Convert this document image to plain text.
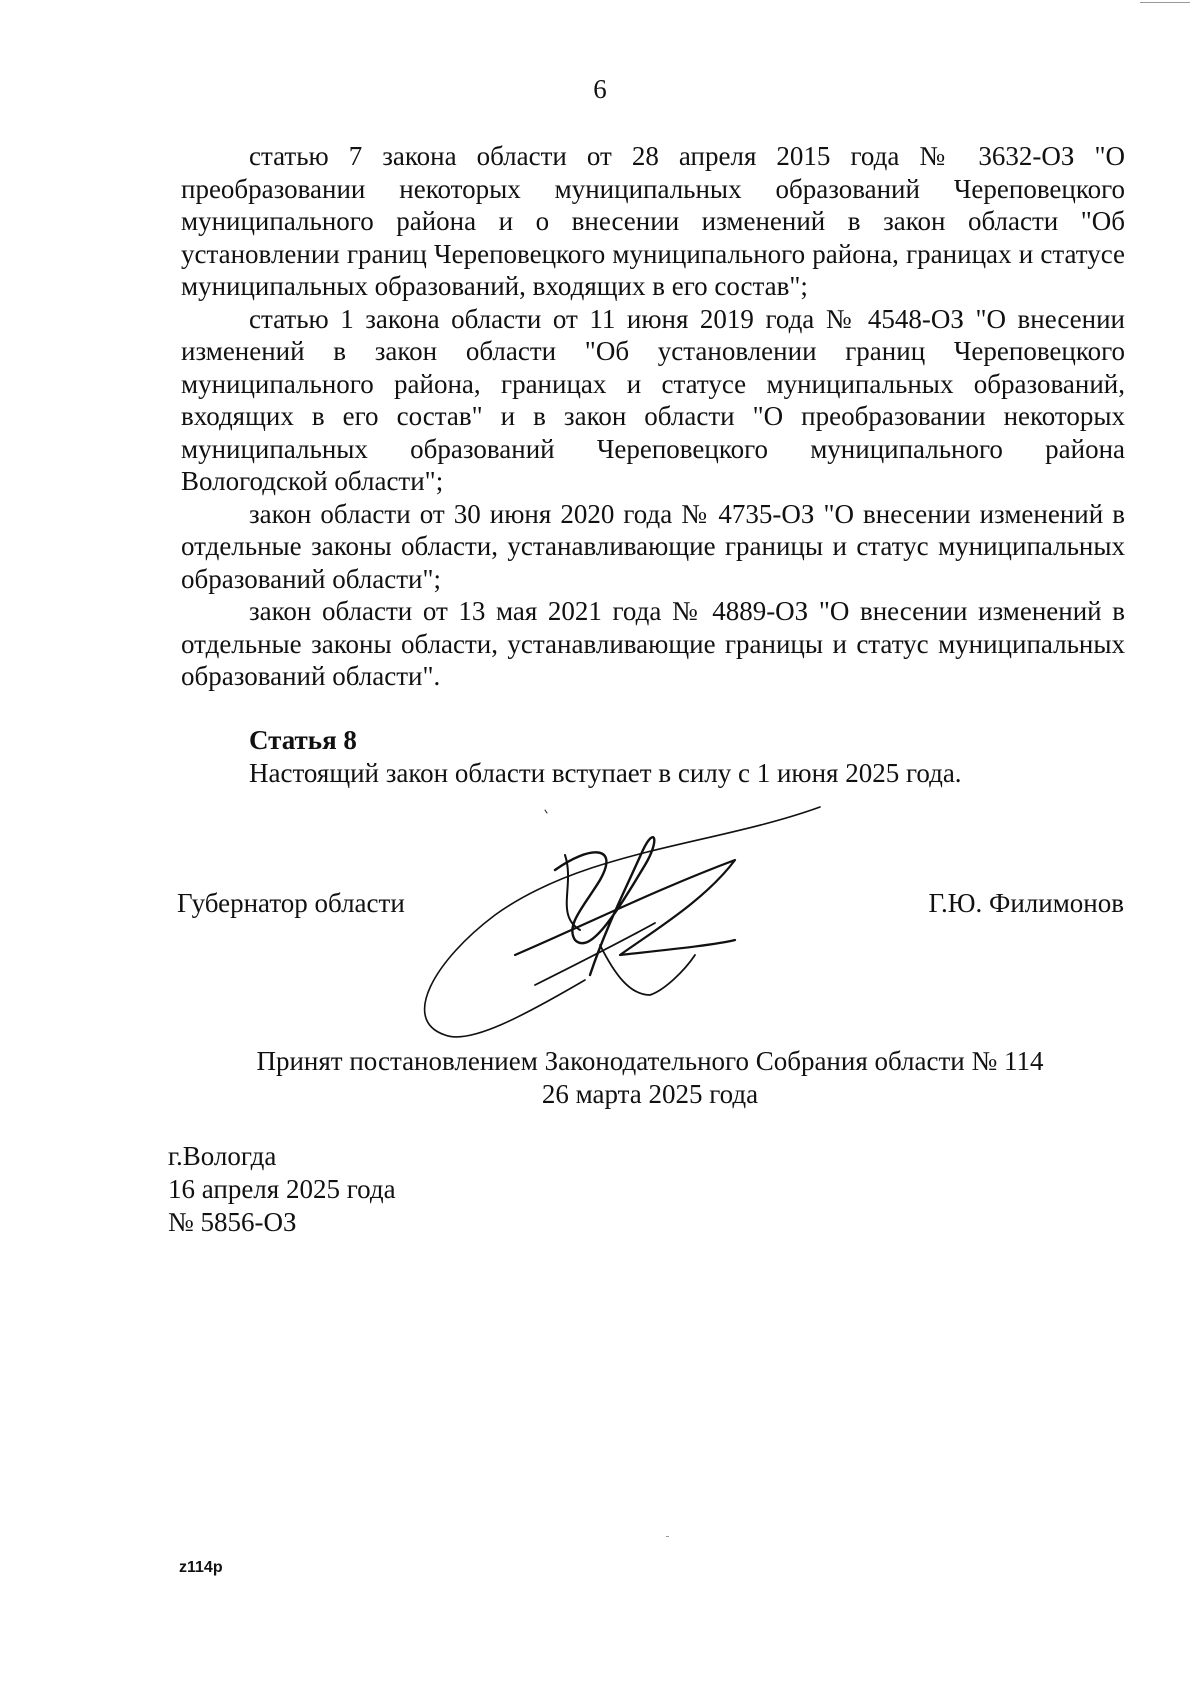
6

статью 7 закона области от 28 апреля 2015 года № 3632-ОЗ "О преобразовании некоторых муниципальных образований Череповецкого муниципального района и о внесении изменений в закон области "Об установлении границ Череповецкого муниципального района, границах и статусе муниципальных образований, входящих в его состав";

статью 1 закона области от 11 июня 2019 года № 4548-ОЗ "О внесении изменений в закон области "Об установлении границ Череповецкого муниципального района, границах и статусе муниципальных образований, входящих в его состав" и в закон области "О преобразовании некоторых муниципальных образований Череповецкого муниципального района Вологодской области";

закон области от 30 июня 2020 года № 4735-ОЗ "О внесении изменений в отдельные законы области, устанавливающие границы и статус муниципальных образований области";

закон области от 13 мая 2021 года № 4889-ОЗ "О внесении изменений в отдельные законы области, устанавливающие границы и статус муниципальных образований области".

Статья 8
Настоящий закон области вступает в силу с 1 июня 2025 года.
Губернатор области	Г.Ю. Филимонов
Принят постановлением Законодательного Собрания области № 114
26 марта 2025 года
г.Вологда
16 апреля 2025 года
№ 5856-ОЗ
z114p
